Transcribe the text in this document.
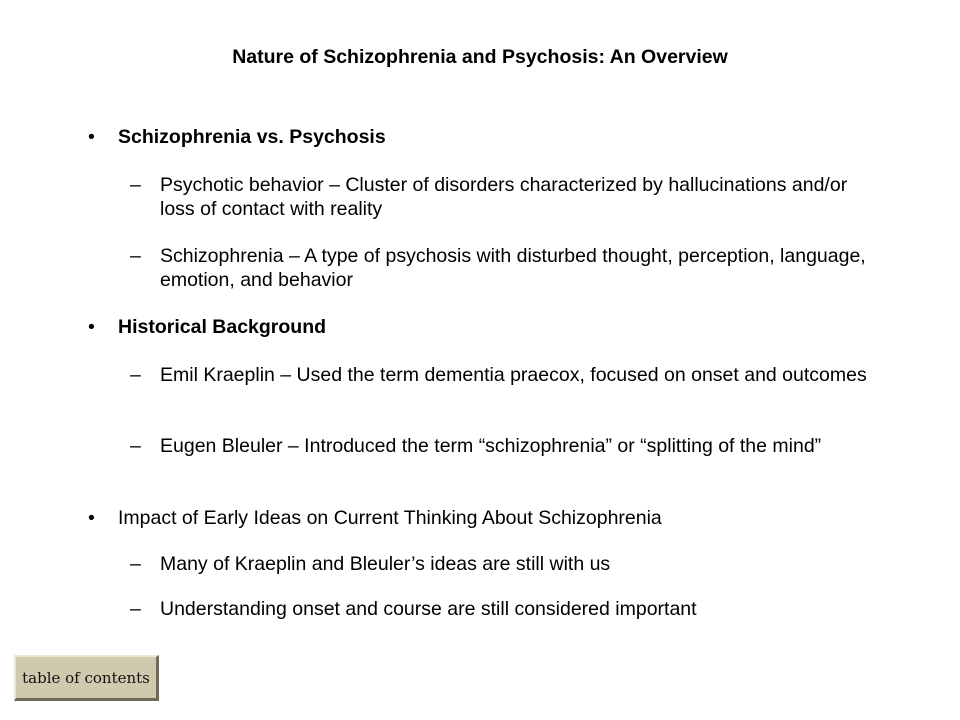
Nature of Schizophrenia and Psychosis: An Overview
• Schizophrenia vs. Psychosis
– Psychotic behavior – Cluster of disorders characterized by hallucinations and/or loss of contact with reality
– Schizophrenia – A type of psychosis with disturbed thought, perception, language, emotion, and behavior
• Historical Background
– Emil Kraeplin – Used the term dementia praecox, focused on onset and outcomes
– Eugen Bleuler – Introduced the term “schizophrenia” or “splitting of the mind”
• Impact of Early Ideas on Current Thinking About Schizophrenia
– Many of Kraeplin and Bleuler’s ideas are still with us
– Understanding onset and course are still considered important
table of contents
